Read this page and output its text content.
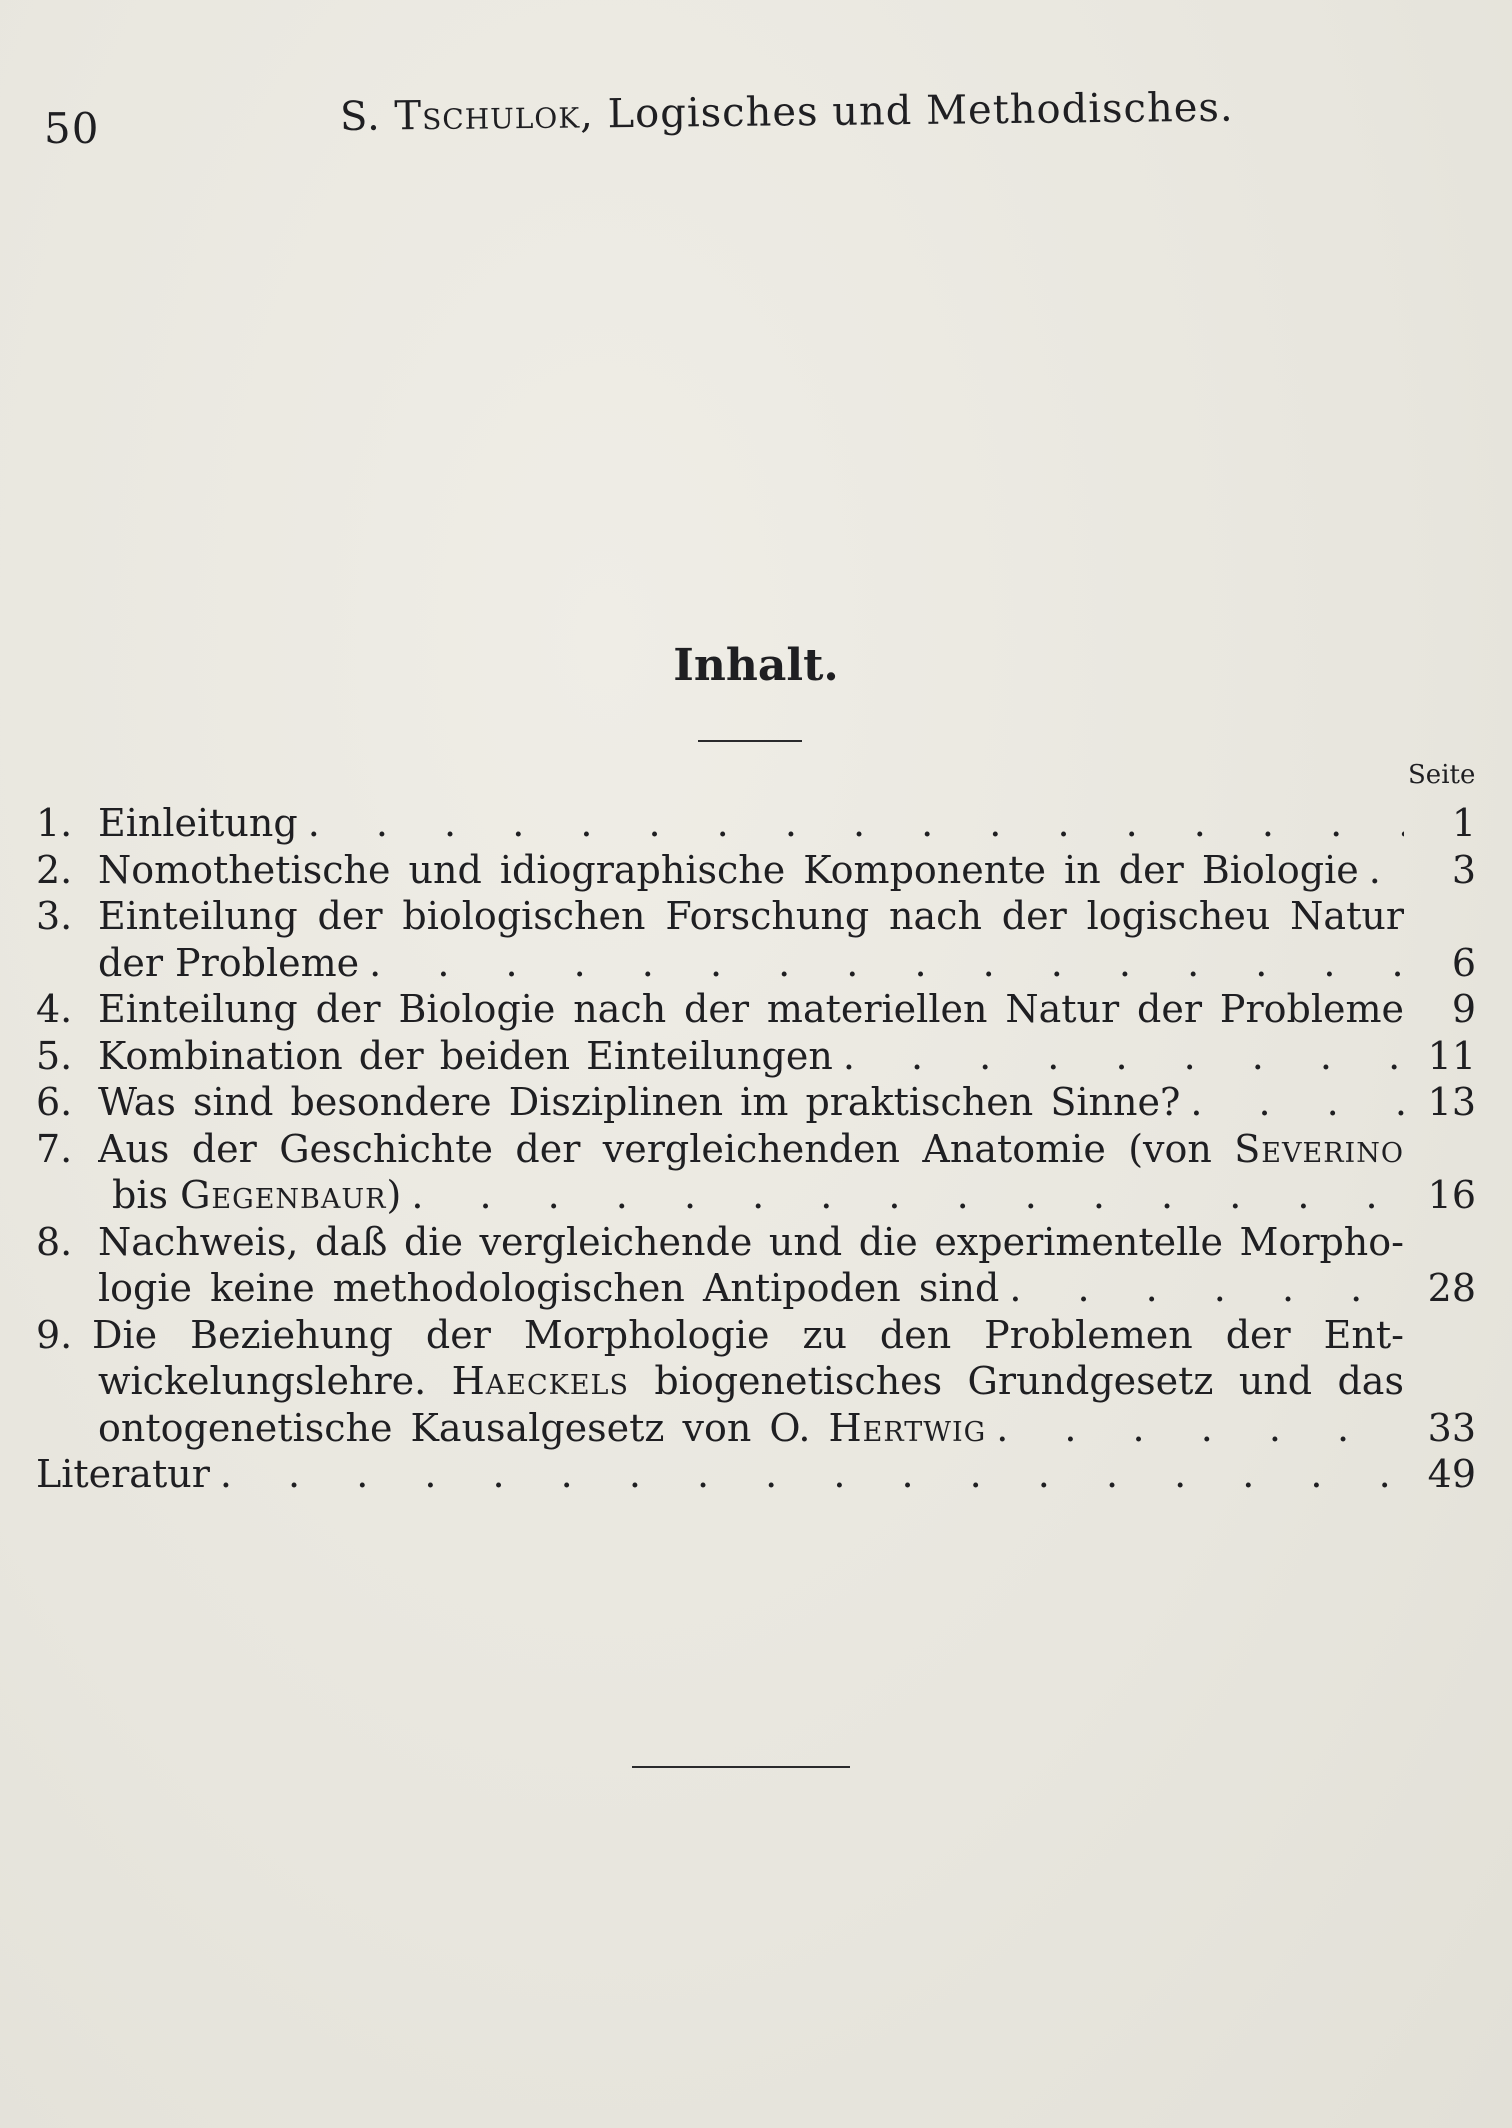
50	S. Tschulok, Logisches und Methodisches.
Inhalt.
Seite
1. Einleitung . . .	1
2. Nomothetische und idiographische Komponente in der Biologie . . .	3
3. Einteilung der biologischen Forschung nach der logischeu Natur
der Probleme . . .	6
4. Einteilung der Biologie nach der materiellen Natur der Probleme	9
5. Kombination der beiden Einteilungen . . .	11
6. Was sind besondere Disziplinen im praktischen Sinne? . . .	13
7. Aus der Geschichte der vergleichenden Anatomie (von Severino
bis Gegenbaur) . . .	16
8. Nachweis, daß die vergleichende und die experimentelle Morpho-
logie keine methodologischen Antipoden sind . . .	28
9. Die Beziehung der Morphologie zu den Problemen der Ent-
wickelungslehre. Haeckels biogenetisches Grundgesetz und das
ontogenetische Kausalgesetz von O. Hertwig . . .	33
Literatur . . .	49
